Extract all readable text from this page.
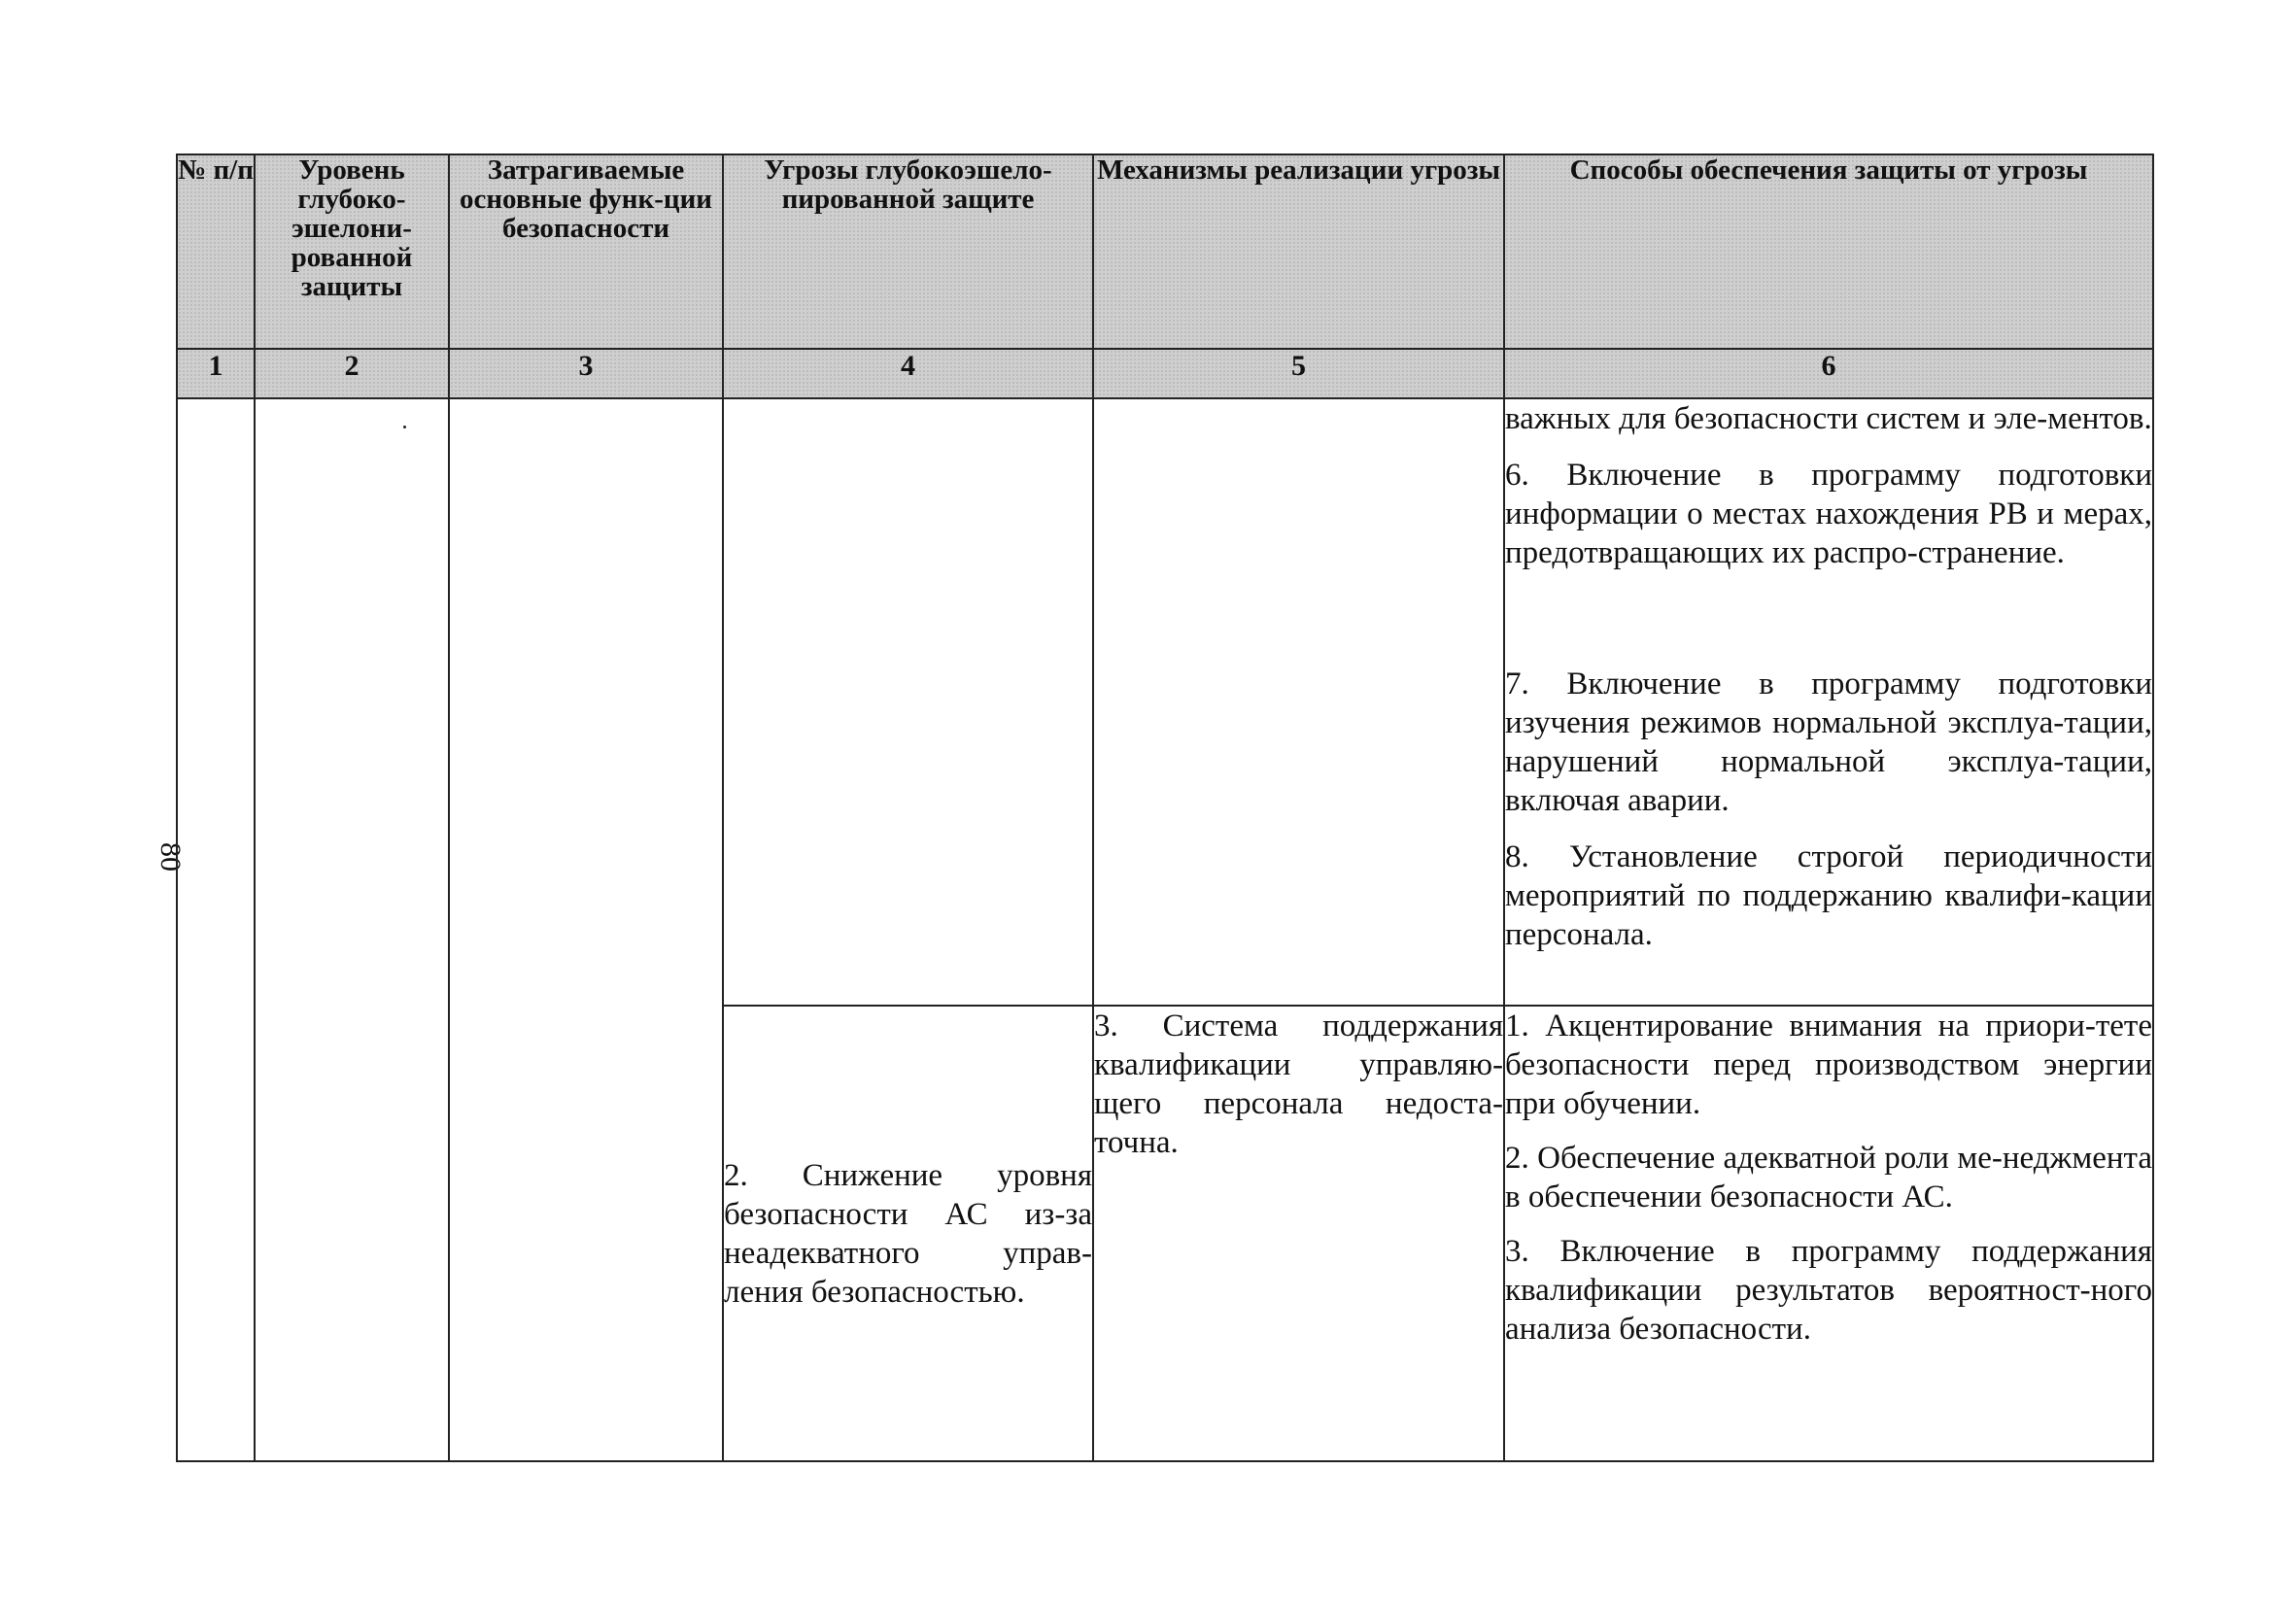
80
№ п/п	Уровень глубоко-эшелони-рованной защиты	Затрагиваемые основные функ-ции безопасности	Угрозы глубокоэшело-пированной защите	Механизмы реализации угрозы	Способы обеспечения защиты от угрозы
1	2	3	4	5	6

					важных для безопасности систем и эле-ментов.

6. Включение в программу подготовки информации о местах нахождения РВ и мерах, предотвращающих их распро-странение.

7. Включение в программу подготовки изучения режимов нормальной эксплуа-тации, нарушений нормальной эксплуа-тации, включая аварии.

8. Установление строгой периодичности мероприятий по поддержанию квалифи-кации персонала.

			2. Снижение уровня безопасности АС из-за неадекватного управ-ления безопасностью.	3. Система поддержания квалификации управляю-щего персонала недоста-точна.	1. Акцентирование внимания на приори-тете безопасности перед производством энергии при обучении.

2. Обеспечение адекватной роли ме-неджмента в обеспечении безопасности АС.

3. Включение в программу поддержания квалификации результатов вероятност-ного анализа безопасности.
